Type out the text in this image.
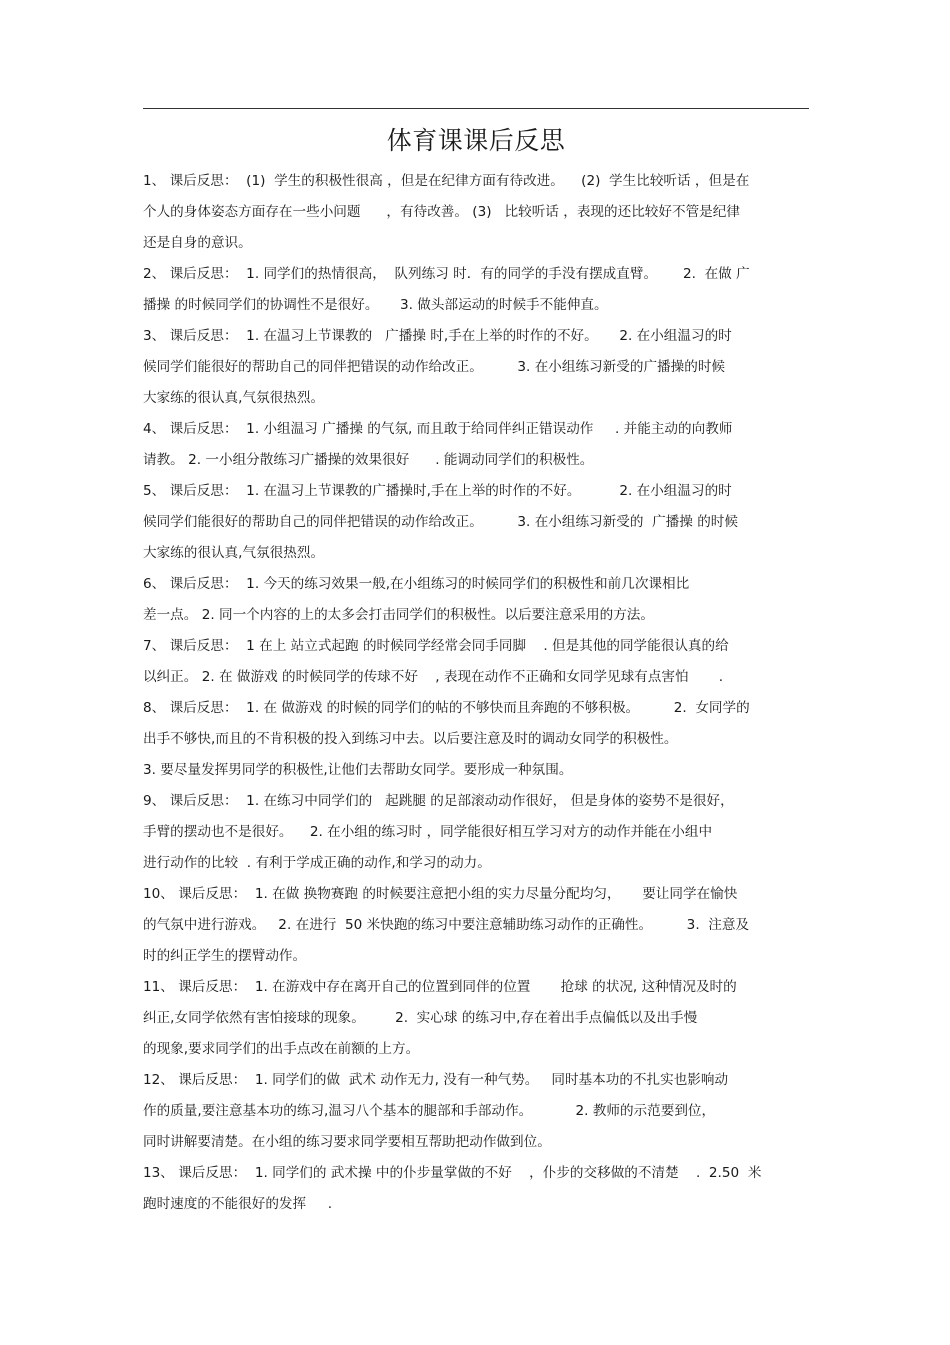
体育课课后反思
1、 课后反思：  (1)  学生的积极性很高 ，但是在纪律方面有待改进。    (2)  学生比较听话 ，但是在
个人的身体姿态方面存在一些小问题      ，有待改善。 (3)   比较听话 ，表现的还比较好不管是纪律
还是自身的意识。
2、 课后反思：  1. 同学们的热情很高，  队列练习 时．有的同学的手没有摆成直臂。      2.  在做 广
播操 的时候同学们的协调性不是很好。     3. 做头部运动的时候手不能伸直。
3、 课后反思：  1. 在温习上节课教的   广播操 时,手在上举的时作的不好。     2. 在小组温习的时
候同学们能很好的帮助自己的同伴把错误的动作给改正。        3. 在小组练习新受的广播操的时候
大家练的很认真,气氛很热烈。
4、 课后反思：  1. 小组温习 广播操 的气氛, 而且敢于给同伴纠正错误动作     . 并能主动的向教师
请教。 2. 一小组分散练习广播操的效果很好      . 能调动同学们的积极性。
5、 课后反思：  1. 在温习上节课教的广播操时,手在上举的时作的不好。         2. 在小组温习的时
候同学们能很好的帮助自己的同伴把错误的动作给改正。        3. 在小组练习新受的  广播操 的时候
大家练的很认真,气氛很热烈。
6、 课后反思：  1. 今天的练习效果一般,在小组练习的时候同学们的积极性和前几次课相比
差一点。 2. 同一个内容的上的太多会打击同学们的积极性。以后要注意采用的方法。
7、 课后反思：  1 在上 站立式起跑 的时候同学经常会同手同脚    . 但是其他的同学能很认真的给
以纠正。 2. 在 做游戏 的时候同学的传球不好    , 表现在动作不正确和女同学见球有点害怕       .
8、 课后反思：  1. 在 做游戏 的时候的同学们的帖的不够快而且奔跑的不够积极。        2.  女同学的
出手不够快,而且的不肯积极的投入到练习中去。以后要注意及时的调动女同学的积极性。
3. 要尽量发挥男同学的积极性,让他们去帮助女同学。要形成一种氛围。
9、 课后反思：  1. 在练习中同学们的   起跳腿 的足部滚动动作很好， 但是身体的姿势不是很好，
手臂的摆动也不是很好。    2. 在小组的练习时 ，同学能很好相互学习对方的动作并能在小组中
进行动作的比较  . 有利于学成正确的动作,和学习的动力。
10、 课后反思：  1. 在做 换物赛跑 的时候要注意把小组的实力尽量分配均匀，     要让同学在愉快
的气氛中进行游戏。   2. 在进行  50 米快跑的练习中要注意辅助练习动作的正确性。        3.  注意及
时的纠正学生的摆臂动作。
11、 课后反思：  1. 在游戏中存在离开自己的位置到同伴的位置       抢球 的状况, 这种情况及时的
纠正,女同学依然有害怕接球的现象。       2.  实心球 的练习中,存在着出手点偏低以及出手慢
的现象,要求同学们的出手点改在前额的上方。
12、 课后反思：  1. 同学们的做  武术 动作无力, 没有一种气势。   同时基本功的不扎实也影响动
作的质量,要注意基本功的练习,温习八个基本的腿部和手部动作。          2. 教师的示范要到位，
同时讲解要清楚。在小组的练习要求同学要相互帮助把动作做到位。
13、 课后反思：  1. 同学们的 武术操 中的仆步量掌做的不好    ，仆步的交移做的不清楚    .  2.50  米
跑时速度的不能很好的发挥     .
